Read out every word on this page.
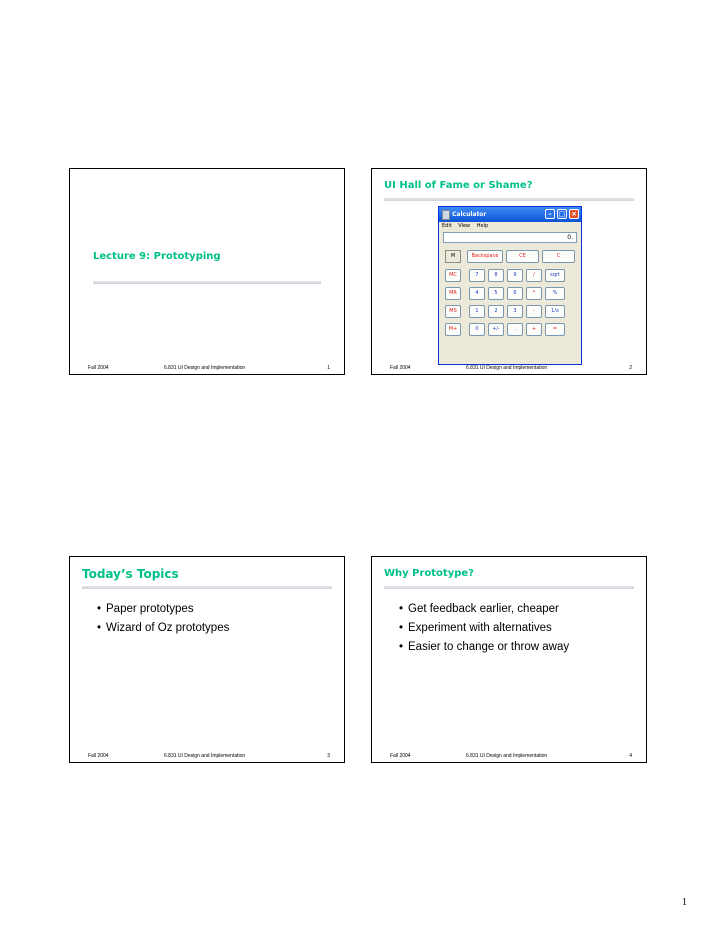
Lecture 9: Prototyping
Fall 2004	6.831 UI Design and Implementation	1
UI Hall of Fame or Shame?
Calculator	– □ ×
Edit View Help
0.
M	Backspace	CE	C
MC	7	8	9	/	sqrt
MR	4	5	6	*	%
MS	1	2	3	-	1/x
M+	0	+/-	.	+	=
Fall 2004	6.831 UI Design and Implementation	2
Today’s Topics
• Paper prototypes
• Wizard of Oz prototypes
Fall 2004	6.831 UI Design and Implementation	3
Why Prototype?
• Get feedback earlier, cheaper
• Experiment with alternatives
• Easier to change or throw away
Fall 2004	6.831 UI Design and Implementation	4
1
